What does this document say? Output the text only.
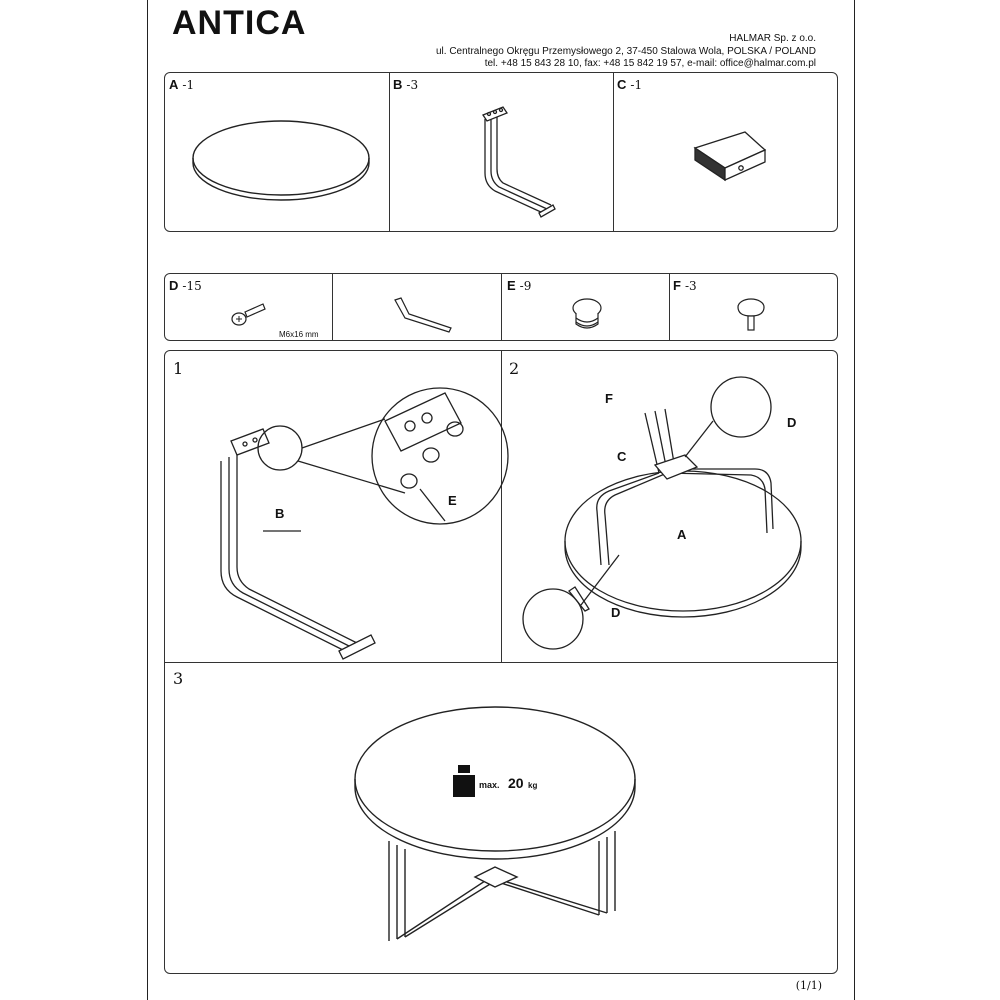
ANTICA	HALMAR Sp. z o.o.
ul. Centralnego Okręgu Przemysłowego 2, 37-450 Stalowa Wola, POLSKA / POLAND
tel. +48 15 843 28 10, fax: +48 15 842 19 57, e-mail: office@halmar.com.pl
A -1	B -3	C -1
D -15
M6x16 mm
E -9	F -3
1
B
E
2
F
D
C
A
D
3
max. 20 kg
(1/1)
